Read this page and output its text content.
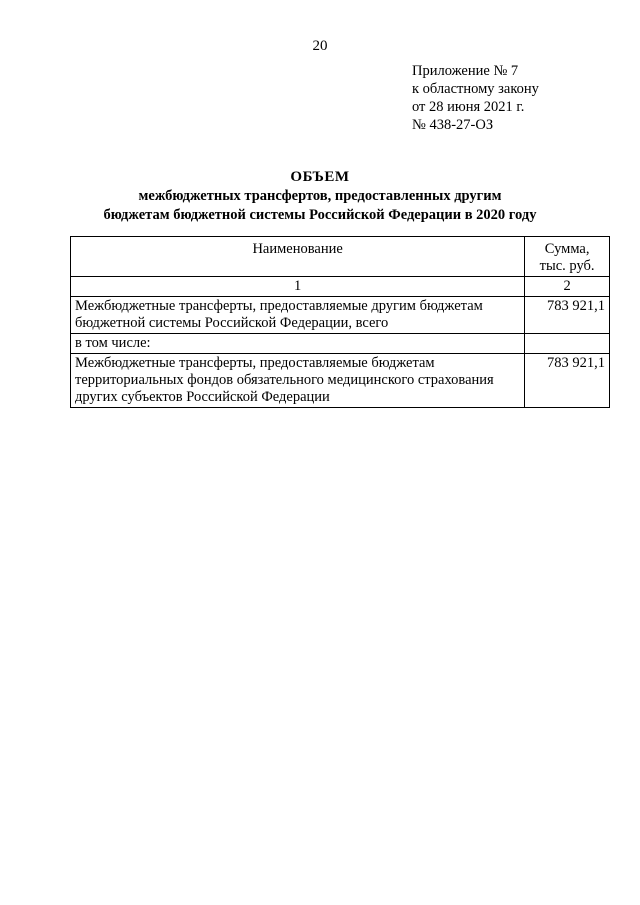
20
Приложение № 7
к областному закону
от 28 июня 2021 г.
№ 438-27-ОЗ
ОБЪЕМ
межбюджетных трансфертов, предоставленных другим
бюджетам бюджетной системы Российской Федерации в 2020 году
Наименование	Сумма,
тыс. руб.

1	2
Межбюджетные трансферты, предоставляемые другим бюджетам бюджетной системы Российской Федерации, всего	783 921,1
в том числе:	
Межбюджетные трансферты, предоставляемые бюджетам территориальных фондов обязательного медицинского страхования других субъектов Российской Федерации	783 921,1
